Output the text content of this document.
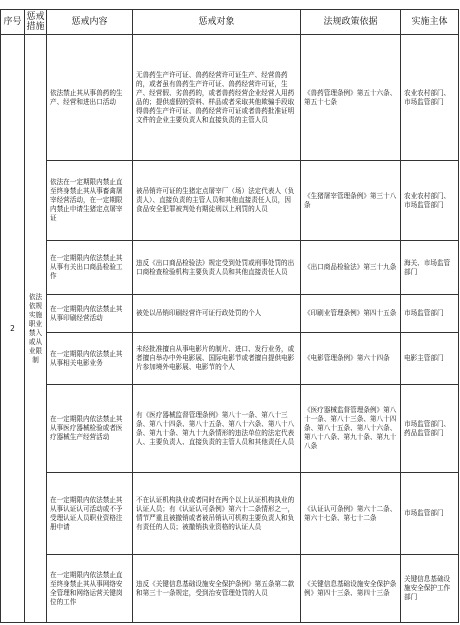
序号	惩戒措施	惩戒内容	惩戒对象	法规政策依据	实施主体
2	依法依规实施职业禁入或从业限制	依法禁止其从事兽药的生产、经营和进出口活动	无兽药生产许可证、兽药经营许可证生产、经营兽药的，或者虽有兽药生产许可证、兽药经营许可证，生产、经营假、劣兽药的，或者兽药经营企业经营人用药品的；提供虚假的资料、样品或者采取其他欺骗手段取得兽药生产许可证、兽药经营许可证或者兽药批准证明文件的企业主要负责人和直接负责的主管人员	《兽药管理条例》第五十六条、第五十七条	农业农村部门、市场监管部门
		依法在一定期限内禁止直至终身禁止其从事畜禽屠宰经营活动，在一定期限内禁止申请生猪定点屠宰证	被吊销许可证的生猪定点屠宰厂（场）法定代表人（负责人）、直接负责的主管人员和其他直接责任人员，因食品安全犯罪被判处有期徒刑以上刑罚的人员	《生猪屠宰管理条例》第三十八条	农业农村部门、市场监管部门
		在一定期限内依法禁止其从事有关出口商品检验工作	违反《出口商品检验法》规定受到处罚或刑事处罚的出口商检查检验机构主要负责人员和其他直接责任人员	《出口商品检验法》第三十九条	海关、市场监管部门
		在一定期限内依法禁止其从事印刷经营活动	被处以吊销印刷经营许可证行政处罚的个人	《印刷业管理条例》第四十五条	市场监管部门
		在一定期限内依法禁止其从事相关电影业务	未经批准擅自从事电影片的制片、进口、发行业务，或者擅自举办中外电影展、国际电影节或者擅自提供电影片参加境外电影展、电影节的个人	《电影管理条例》第六十四条	电影主管部门
		在一定期限内依法禁止其从事医疗器械检验或者医疗器械生产经营活动	有《医疗器械监督管理条例》第八十一条、第八十三条、第八十四条、第八十五条、第八十六条、第八十八条、第九十条、第九十九条情形的违法单位的法定代表人、主要负责人、直接负责的主管人员和其他责任人员	《医疗器械监督管理条例》第八十一条、第八十三条、第八十四条、第八十五条、第八十六条、第八十八条、第九十条、第九十八条	市场监管部门、药品监管部门
		在一定期限内依法禁止其从事认证认可活动或不予受理认证人员职业资格注册申请	不在认证机构执业或者同时在两个以上认证机构执业的认证人员；有《认证认可条例》第六十二条情形之一，情节严重且被撤销或者被吊销认可机构主要负责人和负有责任的人员；被撤销执业资格的认证人员	《认证认可条例》第六十二条、第六十七条、第七十二条	市场监管部门
		在一定期限内依法禁止直至终身禁止其从事网络安全管理和网络运营关键岗位的工作	违反《关键信息基础设施安全保护条例》第五条第二款和第三十一条规定，受到治安管理处罚的人员	《关键信息基础设施安全保护条例》第四十三条、第四十三条	关键信息基础设施安全保护工作部门
